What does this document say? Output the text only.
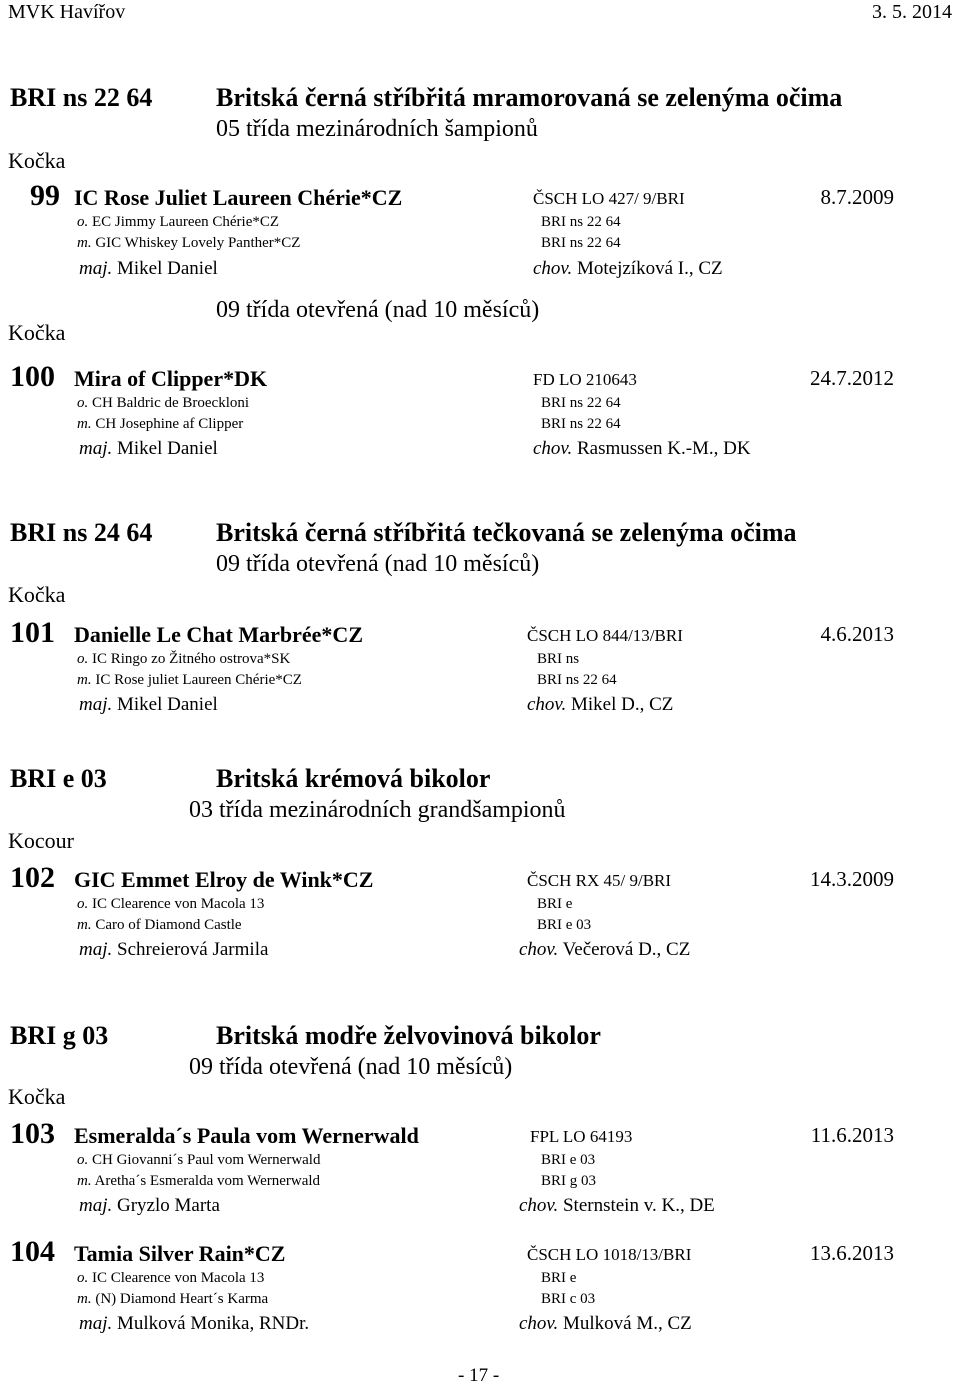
MVK Havířov	3. 5. 2014
BRI ns 22 64 Britská černá stříbřitá mramorovaná se zelenýma očima
05 třída mezinárodních šampionů
Kočka
99 IC Rose Juliet Laureen Chérie*CZ	ČSCH LO 427/ 9/BRI	8.7.2009
o. EC Jimmy Laureen Chérie*CZ	BRI ns 22 64
m. GIC Whiskey Lovely Panther*CZ	BRI ns 22 64
maj. Mikel Daniel	chov. Motejzíková I., CZ
09 třída otevřená (nad 10 měsíců)
Kočka
100 Mira of Clipper*DK	FD LO 210643	24.7.2012
o. CH Baldric de Broeckloni	BRI ns 22 64
m. CH Josephine af Clipper	BRI ns 22 64
maj. Mikel Daniel	chov. Rasmussen K.-M., DK
BRI ns 24 64 Britská černá stříbřitá tečkovaná se zelenýma očima
09 třída otevřená (nad 10 měsíců)
Kočka
101 Danielle Le Chat Marbrée*CZ	ČSCH LO 844/13/BRI	4.6.2013
o. IC Ringo zo Žitného ostrova*SK	BRI ns
m. IC Rose juliet Laureen Chérie*CZ	BRI ns 22 64
maj. Mikel Daniel	chov. Mikel D., CZ
BRI e 03	Britská krémová bikolor
03 třída mezinárodních grandšampionů
Kocour
102 GIC Emmet Elroy de Wink*CZ	ČSCH RX 45/ 9/BRI	14.3.2009
o. IC Clearence von Macola 13	BRI e
m. Caro of Diamond Castle	BRI e 03
maj. Schreierová Jarmila	chov. Večerová D., CZ
BRI g 03	Britská modře želvovinová bikolor
09 třída otevřená (nad 10 měsíců)
Kočka
103 Esmeralda´s Paula vom Wernerwald	FPL LO 64193	11.6.2013
o. CH Giovanni´s Paul vom Wernerwald	BRI e 03
m. Aretha´s Esmeralda vom Wernerwald	BRI g 03
maj. Gryzlo Marta	chov. Sternstein v. K., DE
104 Tamia Silver Rain*CZ	ČSCH LO 1018/13/BRI	13.6.2013
o. IC Clearence von Macola 13	BRI e
m. (N) Diamond Heart´s Karma	BRI c 03
maj. Mulková Monika, RNDr.	chov. Mulková M., CZ
- 17 -
